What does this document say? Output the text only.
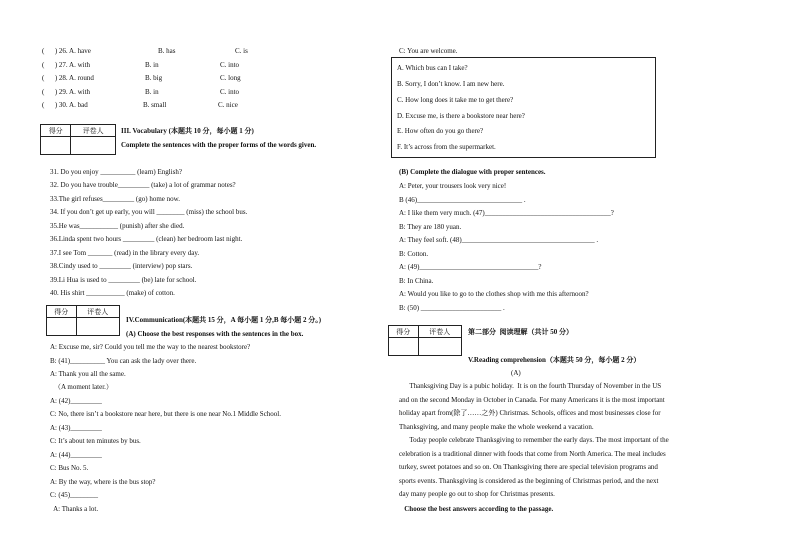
(      ) 26. A. have	B. has	C. is
(      ) 27. A. with	B. in	C. into
(      ) 28. A. round	B. big	C. long
(      ) 29. A. with	B. in	C. into
(      ) 30. A. bad	B. small	C. nice
得分	评卷人
	III. Vocabulary (本题共 10 分，每小题 1 分)
Complete the sentences with the proper forms of the words given.
31. Do you enjoy __________ (learn) English?
32. Do you have trouble_________ (take) a lot of grammar notes?
33.The girl refuses_________ (go) home now.
34. If you don’t get up early, you will ________ (miss) the school bus.
35.He was___________ (punish) after she died.
36.Linda spent two hours _________ (clean) her bedroom last night.
37.I see Tom _______ (read) in the library every day.
38.Cindy used to _________ (interview) pop stars.
39.Li Hua is used to _________ (be) late for school.
40. His shirt ___________ (make) of cotton.
得分	评卷人

IV.Communication(本题共 15 分，A 每小题 1 分,B 每小题 2 分。)
(A) Choose the best responses with the sentences in the box.
A: Excuse me, sir? Could you tell me the way to the nearest bookstore?
B: (41)__________ You can ask the lady over there.
A: Thank you all the same.
（A moment later.）
A: (42)_________
C: No, there isn’t a bookstore near here, but there is one near No.1 Middle School.
A: (43)_________
C: It’s about ten minutes by bus.
A: (44)_________
C: Bus No. 5.
A: By the way, where is the bus stop?
C: (45)________
A: Thanks a lot.
C: You are welcome.
A. Which bus can I take?
B. Sorry, I don’t know. I am new here.
C. How long does it take me to get there?
D. Excuse me, is there a bookstore near here?
E. How often do you go there?
F. It’s across from the supermarket.
(B) Complete the dialogue with proper sentences.
A: Peter, your trousers look very nice!
B (46)______________________________ .
A: I like them very much. (47)____________________________________?
B: They are 180 yuan.
A: They feel soft. (48)______________________________________ .
B: Cotton.
A: (49)__________________________________?
B: In China.
A: Would you like to go to the clothes shop with me this afternoon?
B: (50) _______________________ .
得分	评卷人
		第二部分  阅读理解（共计 50 分）
V.Reading comprehension（本题共 50 分，每小题 2 分）
(A)
Thanksgiving Day is a pubic holiday.  It is on the fourth Thursday of November in the US
and on the second Monday in October in Canada. For many Americans it is the most important
holiday apart from(除了……之外) Christmas. Schools, offices and most businesses close for
Thanksgiving, and many people make the whole weekend a vacation.
Today people celebrate Thanksgiving to remember the early days. The most important of the
celebration is a traditional dinner with foods that come from North America. The meal includes
turkey, sweet potatoes and so on. On Thanksgiving there are special television programs and
sports events. Thanksgiving is considered as the beginning of Christmas period, and the next
day many people go out to shop for Christmas presents.
Choose the best answers according to the passage.
